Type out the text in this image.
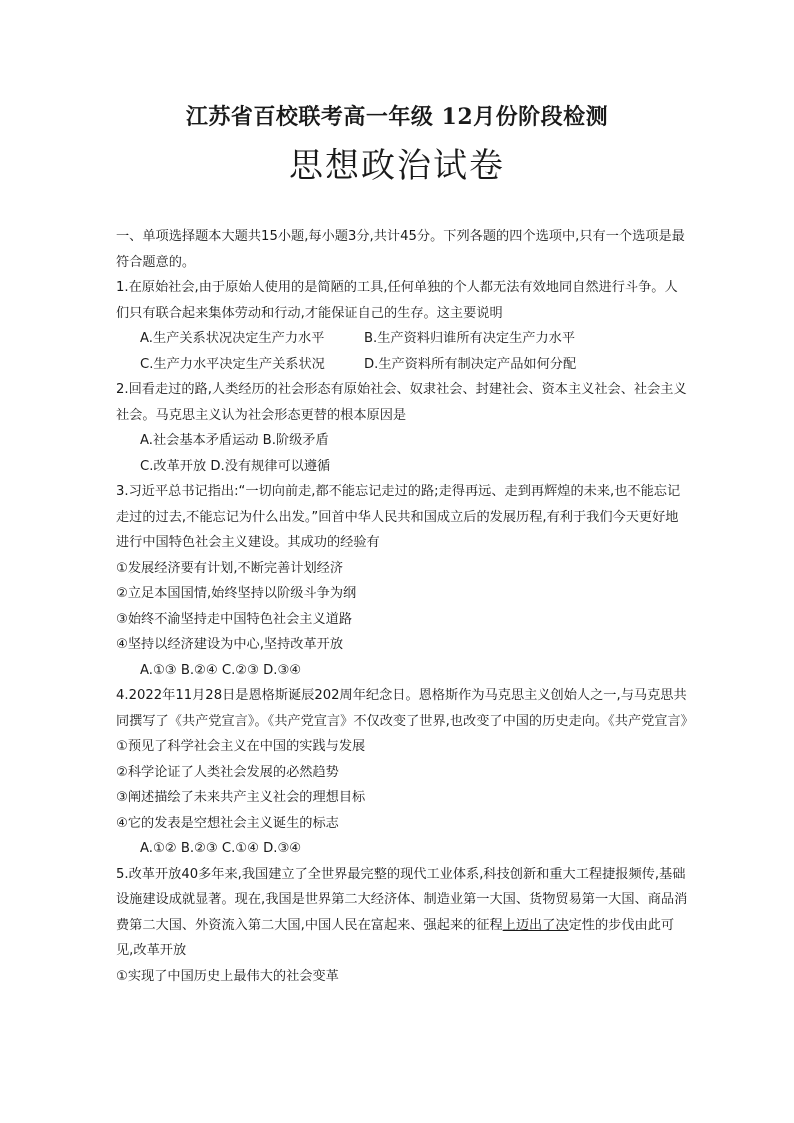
江苏省百校联考高一年级 12月份阶段检测
思想政治试卷

一、单项选择题本大题共15小题,每小题3分,共计45分。下列各题的四个选项中,只有一个选项是最符合题意的。

1.在原始社会,由于原始人使用的是简陋的工具,任何单独的个人都无法有效地同自然进行斗争。人们只有联合起来集体劳动和行动,才能保证自己的生存。这主要说明

A.生产关系状况决定生产力水平	B.生产资料归谁所有决定生产力水平

C.生产力水平决定生产关系状况	D.生产资料所有制决定产品如何分配

2.回看走过的路,人类经历的社会形态有原始社会、奴隶社会、封建社会、资本主义社会、社会主义社会。马克思主义认为社会形态更替的根本原因是

A.社会基本矛盾运动 B.阶级矛盾

C.改革开放 D.没有规律可以遵循

3.习近平总书记指出:“一切向前走,都不能忘记走过的路;走得再远、走到再辉煌的未来,也不能忘记走过的过去,不能忘记为什么出发。”回首中华人民共和国成立后的发展历程,有利于我们今天更好地进行中国特色社会主义建设。其成功的经验有

①发展经济要有计划,不断完善计划经济

②立足本国国情,始终坚持以阶级斗争为纲

③始终不渝坚持走中国特色社会主义道路

④坚持以经济建设为中心,坚持改革开放

A.①③ B.②④ C.②③ D.③④

4.2022年11月28日是恩格斯诞辰202周年纪念日。恩格斯作为马克思主义创始人之一,与马克思共同撰写了《共产党宣言》。《共产党宣言》不仅改变了世界,也改变了中国的历史走向。《共产党宣言》

①预见了科学社会主义在中国的实践与发展

②科学论证了人类社会发展的必然趋势

③阐述描绘了未来共产主义社会的理想目标

④它的发表是空想社会主义诞生的标志

A.①② B.②③ C.①④ D.③④

5.改革开放40多年来,我国建立了全世界最完整的现代工业体系,科技创新和重大工程捷报频传,基础设施建设成就显著。现在,我国是世界第二大经济体、制造业第一大国、货物贸易第一大国、商品消费第二大国、外资流入第二大国,中国人民在富起来、强起来的征程上迈出了决定性的步伐由此可见,改革开放

①实现了中国历史上最伟大的社会变革
